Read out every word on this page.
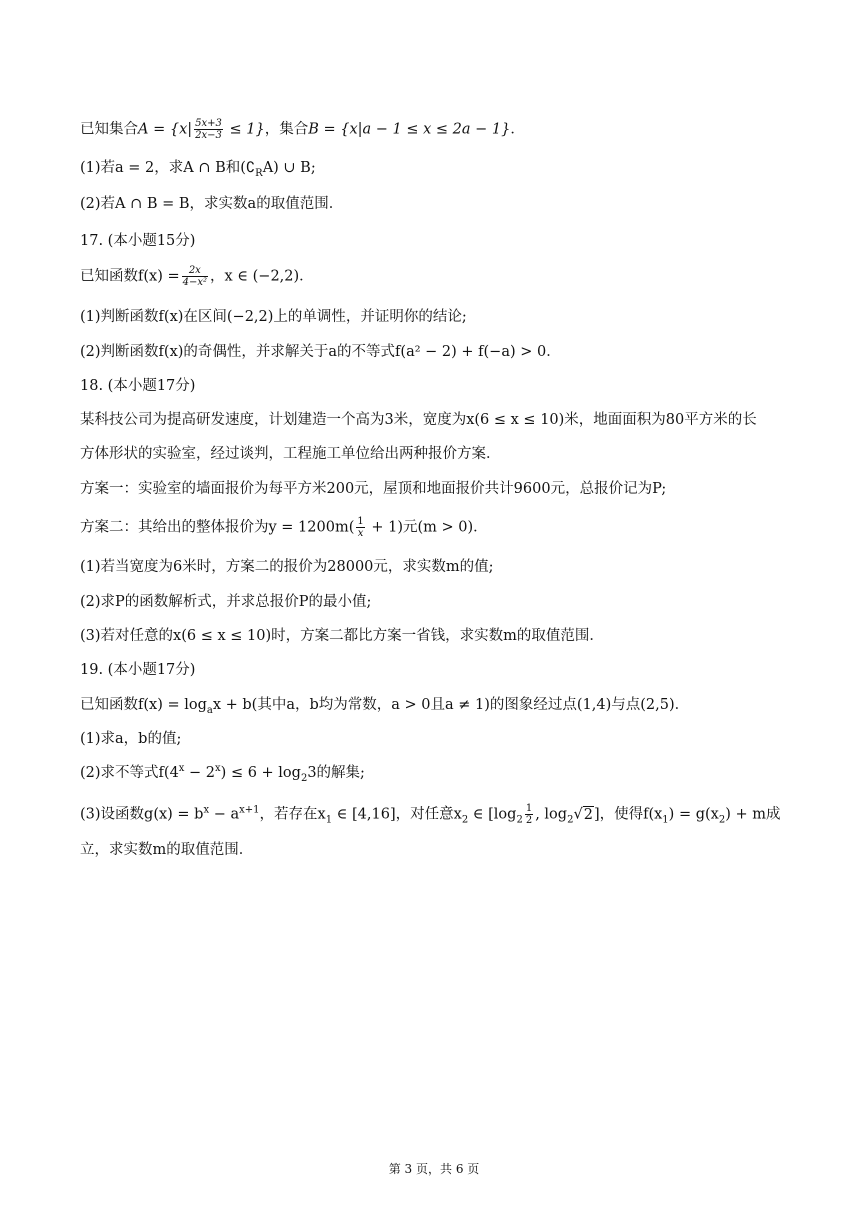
已知集合$A = \{x| \frac{5x+3}{2x-3} \le 1\}$，集合B = {x|a − 1 ≤ x ≤ 2a − 1}．
(1)若a = 2，求A ∩ B和$(∁_RA)$ ∪ B;
(2)若A ∩ B = B，求实数a的取值范围．
17. (本小题15分)
已知函数$f(x) = \frac{2x}{\text{4−x²}}$ ，x ∈ (−2,2)．
(1)判断函数f(x)在区间(−2,2)上的单调性，并证明你的结论;
(2)判断函数f(x)的奇偶性，并求解关于a的不等式f(a² − 2) + f(−a) > 0．
18. (本小题17分)
某科技公司为提高研发速度，计划建造一个高为3米，宽度为x(6 ≤ x ≤ 10)米，地面面积为80平方米的长
方体形状的实验室，经过谈判，工程施工单位给出两种报价方案．
方案一：实验室的墙面报价为每平方米200元，屋顶和地面报价共计9600元，总报价记为P;
方案二：其给出的整体报价为$y = 1200m( \frac{1}{x} + 1)$元(m > 0)．
(1)若当宽度为6米时，方案二的报价为28000元，求实数m的值;
(2)求P的函数解析式，并求总报价P的最小值;
(3)若对任意的x(6 ≤ x ≤ 10)时，方案二都比方案一省钱，求实数m的取值范围．
19. (本小题17分)
已知函数$f(x) = \log_ax + b$(其中a，b均为常数，a > 0且a ≠ 1)的图象经过点(1,4)与点(2,5)．
(1)求a，b的值;
(2)求不等式$f(4^x - 2^x) \le 6 + \log_23$的解集;
(3)设函数$g(x) = b^x - a^{x+1}$，若存在$x_1$ ∈ [4,16]，对任意$x_2$ ∈ [$\log_2 \frac{1}{2}$ , $\log_2√2$]，使得$f(x_1) = g(x_2) + m$成
立，求实数m的取值范围．
第 3 页，共 6 页
